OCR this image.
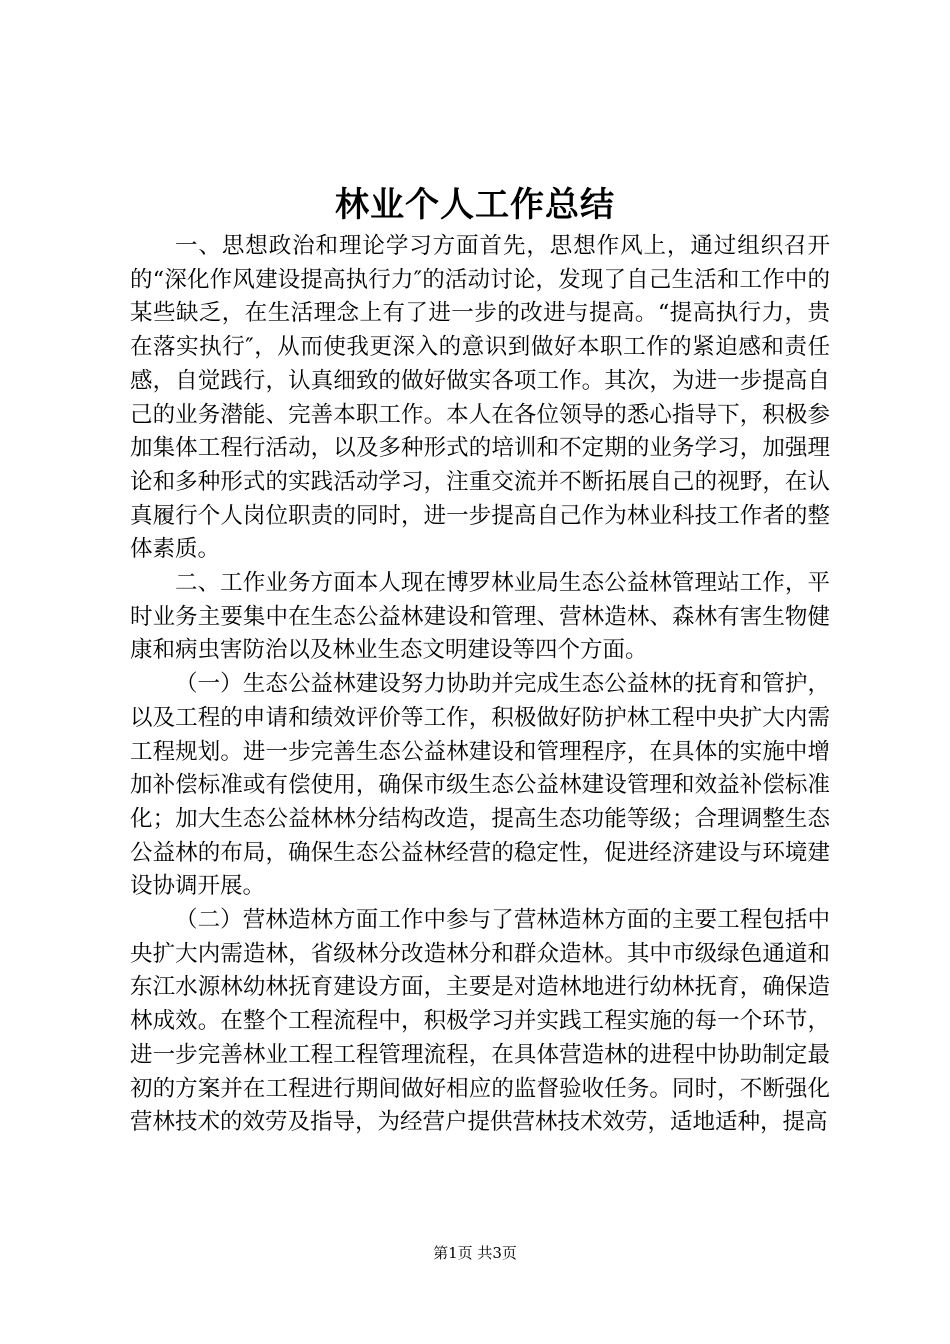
林业个人工作总结

一、思想政治和理论学习方面首先，思想作风上，通过组织召开的“深化作风建设提高执行力″的活动讨论，发现了自己生活和工作中的某些缺乏，在生活理念上有了进一步的改进与提高。“提高执行力，贵在落实执行″，从而使我更深入的意识到做好本职工作的紧迫感和责任感，自觉践行，认真细致的做好做实各项工作。其次，为进一步提高自己的业务潜能、完善本职工作。本人在各位领导的悉心指导下，积极参加集体工程行活动，以及多种形式的培训和不定期的业务学习，加强理论和多种形式的实践活动学习，注重交流并不断拓展自己的视野，在认真履行个人岗位职责的同时，进一步提高自己作为林业科技工作者的整体素质。

二、工作业务方面本人现在博罗林业局生态公益林管理站工作，平时业务主要集中在生态公益林建设和管理、营林造林、森林有害生物健康和病虫害防治以及林业生态文明建设等四个方面。

（一）生态公益林建设努力协助并完成生态公益林的抚育和管护，以及工程的申请和绩效评价等工作，积极做好防护林工程中央扩大内需工程规划。进一步完善生态公益林建设和管理程序，在具体的实施中增加补偿标准或有偿使用，确保市级生态公益林建设管理和效益补偿标准化；加大生态公益林林分结构改造，提高生态功能等级；合理调整生态公益林的布局，确保生态公益林经营的稳定性，促进经济建设与环境建设协调开展。

（二）营林造林方面工作中参与了营林造林方面的主要工程包括中央扩大内需造林，省级林分改造林分和群众造林。其中市级绿色通道和东江水源林幼林抚育建设方面，主要是对造林地进行幼林抚育，确保造林成效。在整个工程流程中，积极学习并实践工程实施的每一个环节，进一步完善林业工程工程管理流程，在具体营造林的进程中协助制定最初的方案并在工程进行期间做好相应的监督验收任务。同时，不断强化营林技术的效劳及指导，为经营户提供营林技术效劳，适地适种，提高

第1页 共3页
